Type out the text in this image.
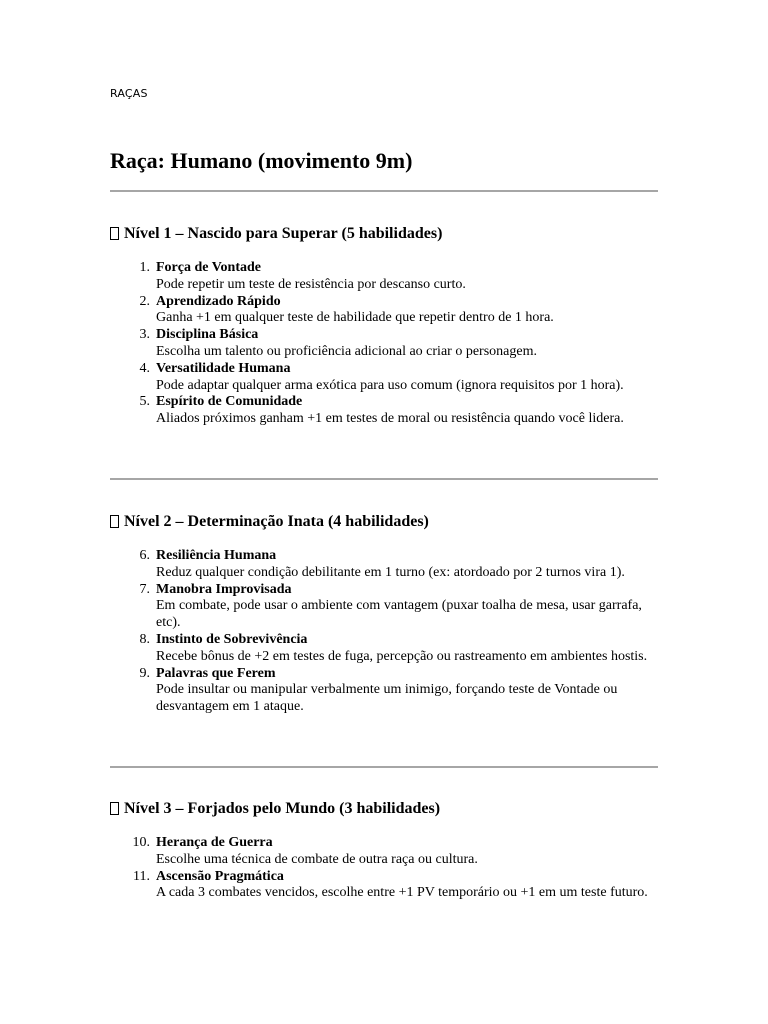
RAÇAS
Raça: Humano (movimento 9m)
Nível 1 – Nascido para Superar (5 habilidades)
1. Força de Vontade
Pode repetir um teste de resistência por descanso curto.
2. Aprendizado Rápido
Ganha +1 em qualquer teste de habilidade que repetir dentro de 1 hora.
3. Disciplina Básica
Escolha um talento ou proficiência adicional ao criar o personagem.
4. Versatilidade Humana
Pode adaptar qualquer arma exótica para uso comum (ignora requisitos por 1 hora).
5. Espírito de Comunidade
Aliados próximos ganham +1 em testes de moral ou resistência quando você lidera.
Nível 2 – Determinação Inata (4 habilidades)
6. Resiliência Humana
Reduz qualquer condição debilitante em 1 turno (ex: atordoado por 2 turnos vira 1).
7. Manobra Improvisada
Em combate, pode usar o ambiente com vantagem (puxar toalha de mesa, usar garrafa, etc).
8. Instinto de Sobrevivência
Recebe bônus de +2 em testes de fuga, percepção ou rastreamento em ambientes hostis.
9. Palavras que Ferem
Pode insultar ou manipular verbalmente um inimigo, forçando teste de Vontade ou desvantagem em 1 ataque.
Nível 3 – Forjados pelo Mundo (3 habilidades)
10. Herança de Guerra
Escolhe uma técnica de combate de outra raça ou cultura.
11. Ascensão Pragmática
A cada 3 combates vencidos, escolhe entre +1 PV temporário ou +1 em um teste futuro.
